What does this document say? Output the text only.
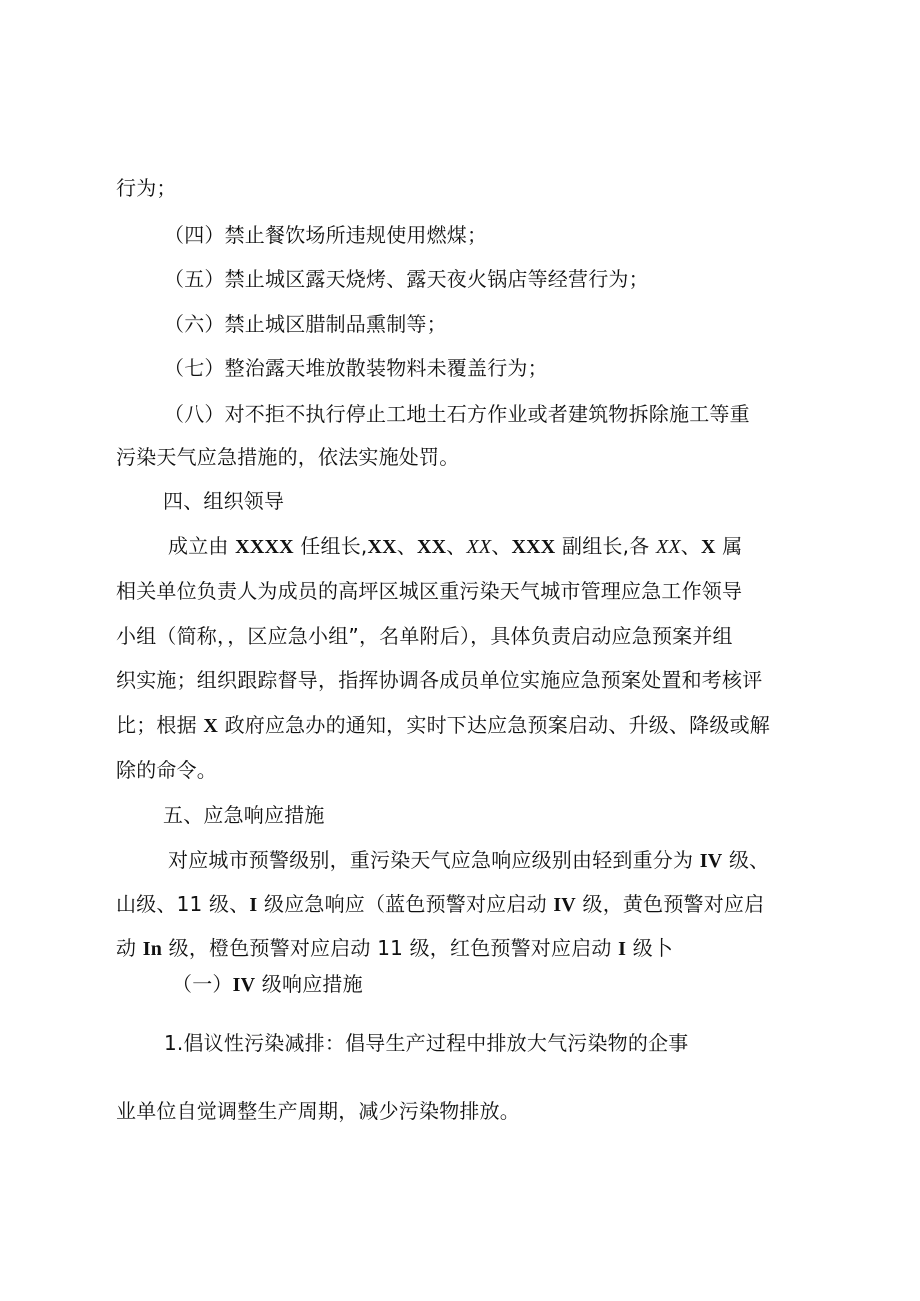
行为；
（四）禁止餐饮场所违规使用燃煤；
（五）禁止城区露天烧烤、露天夜火锅店等经营行为；
（六）禁止城区腊制品熏制等；
（七）整治露天堆放散装物料未覆盖行为；
（八）对不拒不执行停止工地土石方作业或者建筑物拆除施工等重
污染天气应急措施的，依法实施处罚。
四、组织领导
成立由 XXXX 任组长,XX、XX、XX、XXX 副组长,各 XX、X 属
相关单位负责人为成员的高坪区城区重污染天气城市管理应急工作领导
小组（简称，，区应急小组”，名单附后），具体负责启动应急预案并组
织实施；组织跟踪督导，指挥协调各成员单位实施应急预案处置和考核评
比；根据 X 政府应急办的通知，实时下达应急预案启动、升级、降级或解
除的命令。
五、应急响应措施
对应城市预警级别，重污染天气应急响应级别由轻到重分为 IV 级、
山级、11 级、I 级应急响应（蓝色预警对应启动 IV 级，黄色预警对应启
动 In 级，橙色预警对应启动 11 级，红色预警对应启动 I 级卜
（一）IV 级响应措施
1.倡议性污染减排：倡导生产过程中排放大气污染物的企事
业单位自觉调整生产周期，减少污染物排放。
